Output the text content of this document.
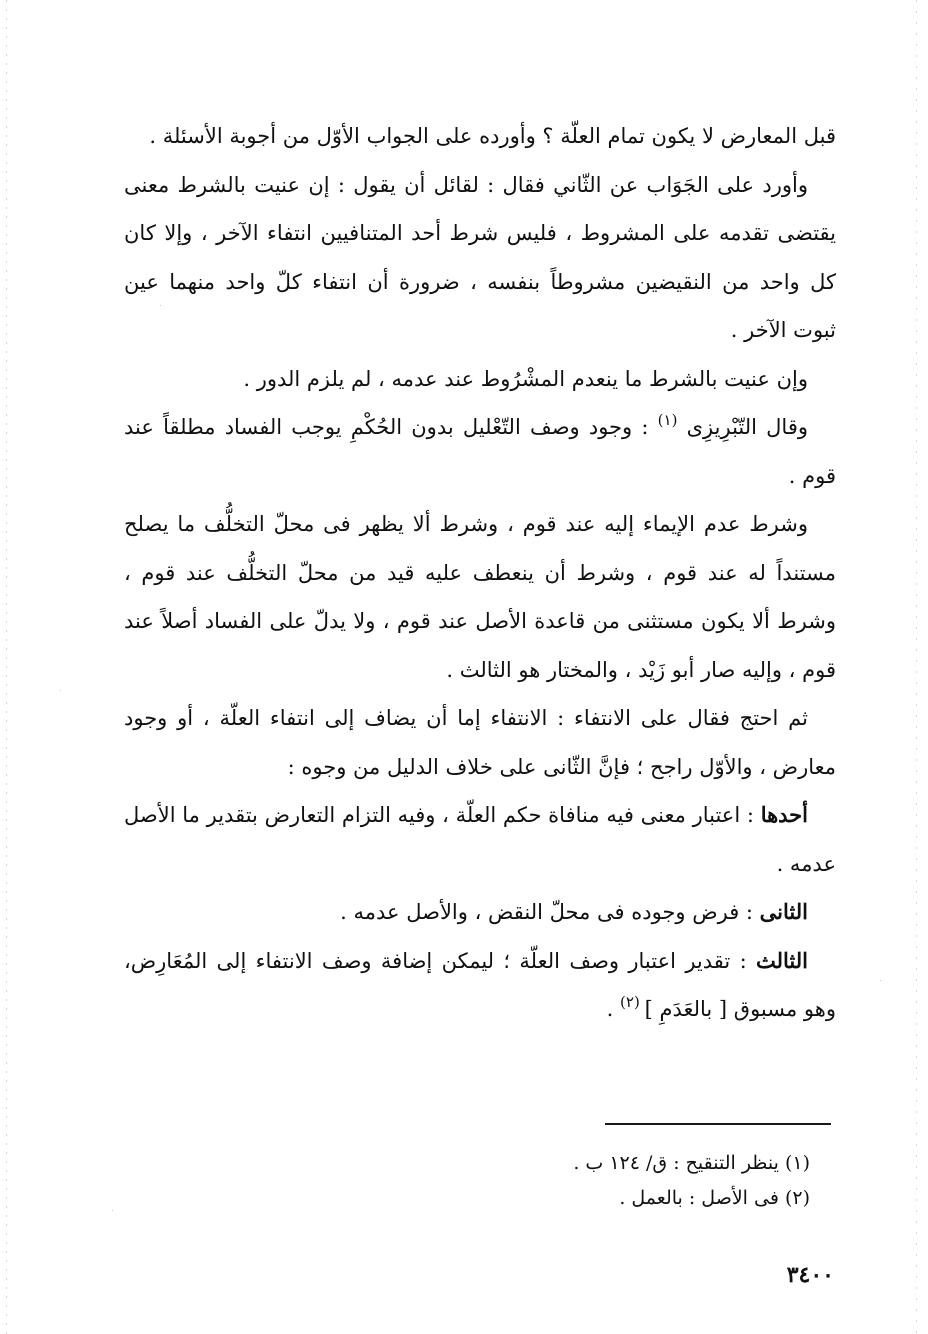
قبل المعارض لا يكون تمام العلّة ؟ وأورده على الجواب الأوّل من أجوبة الأسئلة .

وأورد على الجَوَاب عن الثّاني فقال : لقائل أن يقول : إن عنيت بالشرط معنى يقتضى تقدمه على المشروط ، فليس شرط أحد المتنافيين انتفاء الآخر ، وإلا كان كل واحد من النقيضين مشروطاً بنفسه ، ضرورة أن انتفاء كلّ واحد منهما عين ثبوت الآخر .

وإن عنيت بالشرط ما ينعدم المشْرُوط عند عدمه ، لم يلزم الدور .

وقال التّبْرِيزِى $^{(١)}$ : وجود وصف التّعْليل بدون الحُكْمِ يوجب الفساد مطلقاً عند قوم .

وشرط عدم الإيماء إليه عند قوم ، وشرط ألا يظهر فى محلّ التخلُّف ما يصلح مستنداً له عند قوم ، وشرط أن ينعطف عليه قيد من محلّ التخلُّف عند قوم ، وشرط ألا يكون مستثنى من قاعدة الأصل عند قوم ، ولا يدلّ على الفساد أصلاً عند قوم ، وإليه صار أبو زَيْد ، والمختار هو الثالث .

ثم احتج فقال على الانتفاء : الانتفاء إما أن يضاف إلى انتفاء العلّة ، أو وجود معارض ، والأوّل راجح ؛ فإنَّ الثّانى على خلاف الدليل من وجوه :

أحدها : اعتبار معنى فيه منافاة حكم العلّة ، وفيه التزام التعارض بتقدير ما الأصل عدمه .

الثانى : فرض وجوده فى محلّ النقض ، والأصل عدمه .

الثالث : تقدير اعتبار وصف العلّة ؛ ليمكن إضافة وصف الانتفاء إلى المُعَارِض، وهو مسبوق [ بالعَدَمِ ] $^{(٢)}$ .

(١) ينظر التنقيح : ق/ ١٢٤ ب .

(٢) فى الأصل : بالعمل .

٣٤٠٠
